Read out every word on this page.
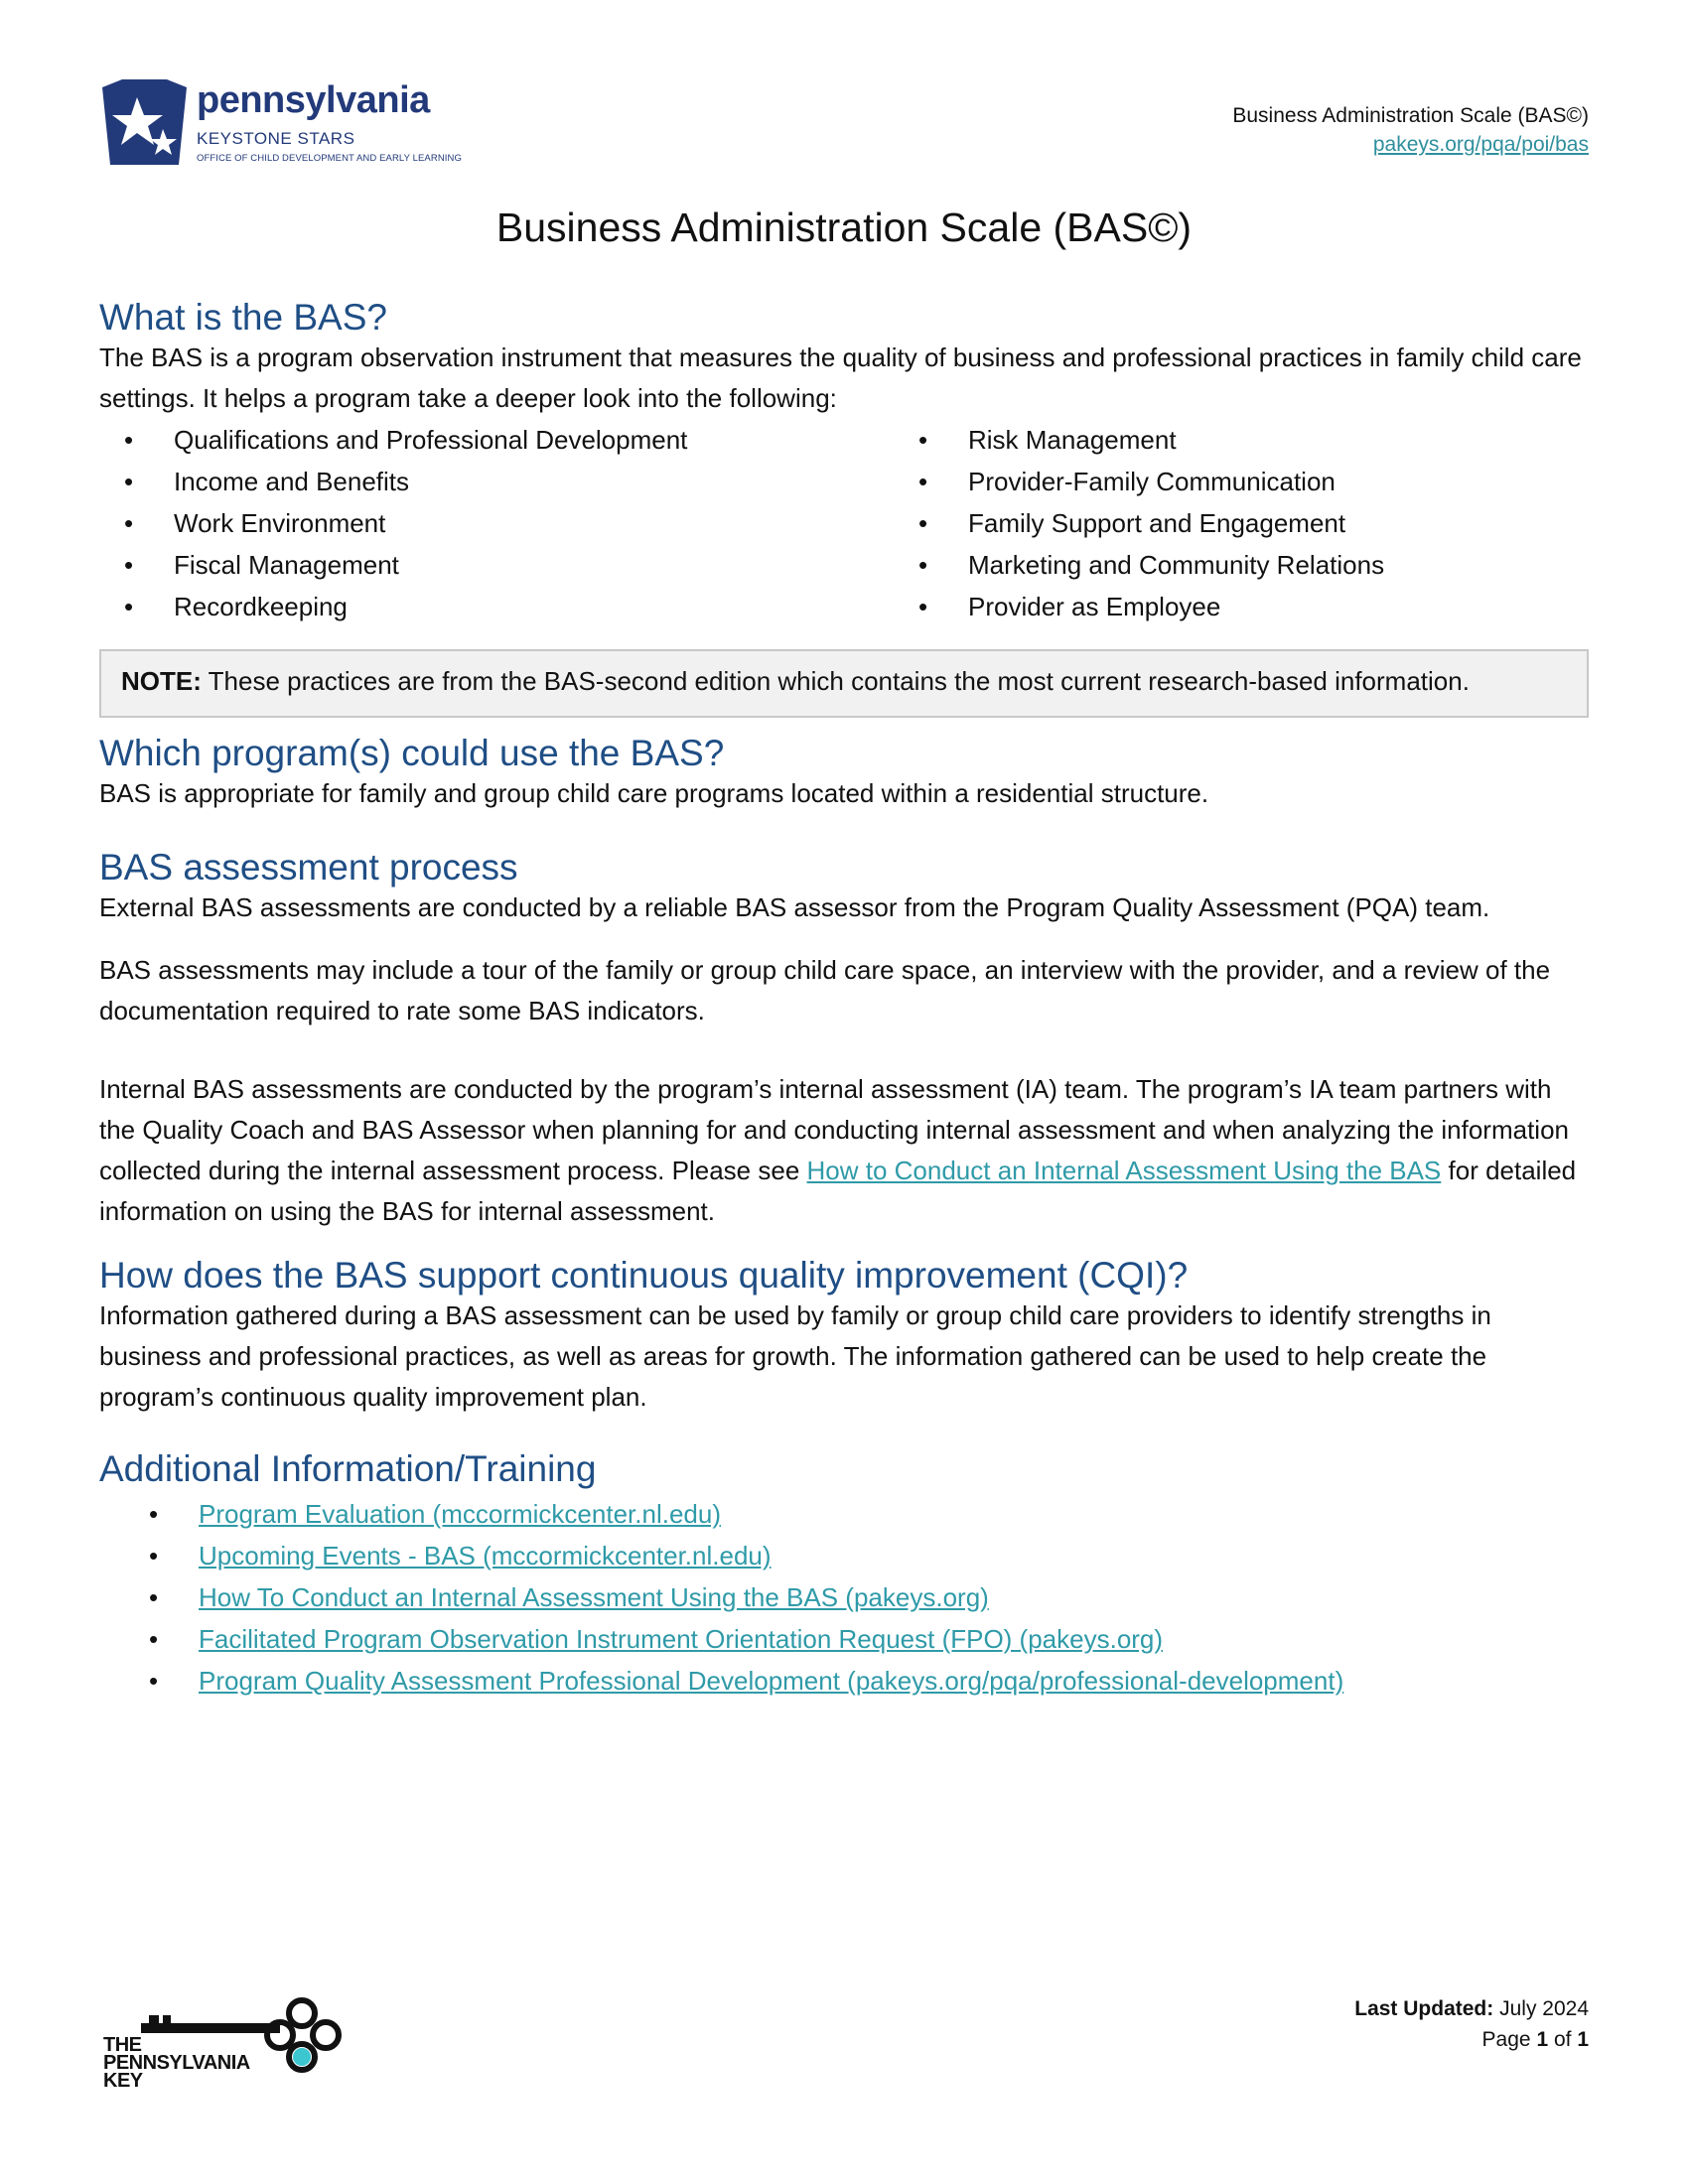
pennsylvania
KEYSTONE STARS
OFFICE OF CHILD DEVELOPMENT AND EARLY LEARNING
Business Administration Scale (BAS©)
pakeys.org/pqa/poi/bas
Business Administration Scale (BAS©)
What is the BAS?

The BAS is a program observation instrument that measures the quality of business and professional practices in family child care settings. It helps a program take a deeper look into the following:

• Qualifications and Professional Development
• Income and Benefits
• Work Environment
• Fiscal Management
• Recordkeeping
• Risk Management
• Provider-Family Communication
• Family Support and Engagement
• Marketing and Community Relations
• Provider as Employee
NOTE: These practices are from the BAS-second edition which contains the most current research-based information.
Which program(s) could use the BAS?

BAS is appropriate for family and group child care programs located within a residential structure.

BAS assessment process

External BAS assessments are conducted by a reliable BAS assessor from the Program Quality Assessment (PQA) team.

BAS assessments may include a tour of the family or group child care space, an interview with the provider, and a review of the documentation required to rate some BAS indicators.

Internal BAS assessments are conducted by the program’s internal assessment (IA) team. The program’s IA team partners with the Quality Coach and BAS Assessor when planning for and conducting internal assessment and when analyzing the information collected during the internal assessment process. Please see How to Conduct an Internal Assessment Using the BAS for detailed information on using the BAS for internal assessment.

How does the BAS support continuous quality improvement (CQI)?

Information gathered during a BAS assessment can be used by family or group child care providers to identify strengths in business and professional practices, as well as areas for growth. The information gathered can be used to help create the program’s continuous quality improvement plan.

Additional Information/Training
• Program Evaluation (mccormickcenter.nl.edu)
• Upcoming Events - BAS (mccormickcenter.nl.edu)
• How To Conduct an Internal Assessment Using the BAS (pakeys.org)
• Facilitated Program Observation Instrument Orientation Request (FPO) (pakeys.org)
• Program Quality Assessment Professional Development (pakeys.org/pqa/professional-development)
THE
PENNSYLVANIA
KEY
Last Updated: July 2024
Page 1 of 1
